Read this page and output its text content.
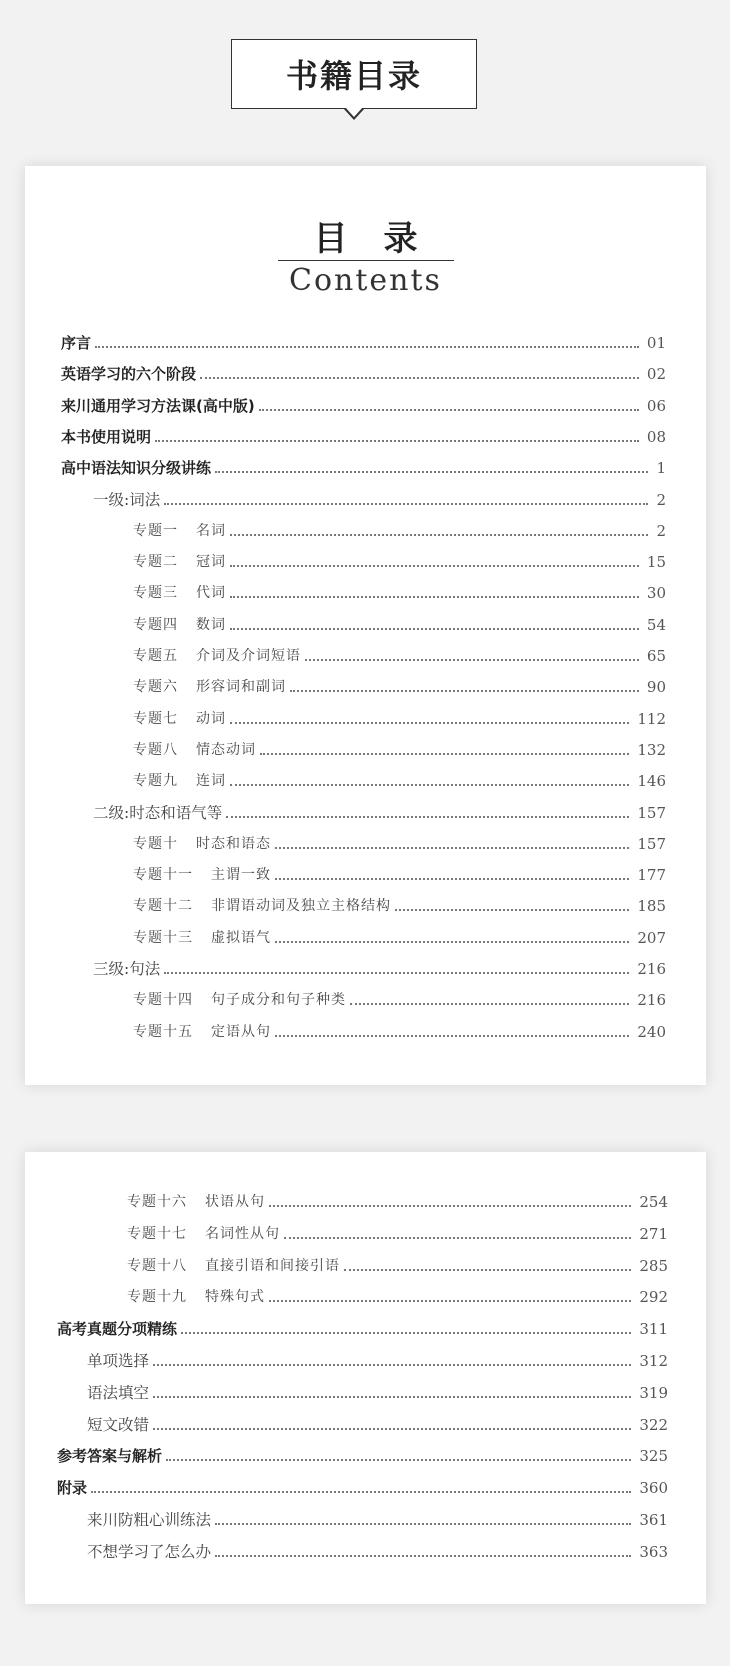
书籍目录
目录
Contents
序言	01
英语学习的六个阶段	02
来川通用学习方法课(高中版)	06
本书使用说明	08
高中语法知识分级讲练	1
一级:词法	2
专题一 名词	2
专题二 冠词	15
专题三 代词	30
专题四 数词	54
专题五 介词及介词短语	65
专题六 形容词和副词	90
专题七 动词	112
专题八 情态动词	132
专题九 连词	146
二级:时态和语气等	157
专题十 时态和语态	157
专题十一 主谓一致	177
专题十二 非谓语动词及独立主格结构	185
专题十三 虚拟语气	207
三级:句法	216
专题十四 句子成分和句子种类	216
专题十五 定语从句	240
专题十六 状语从句	254
专题十七 名词性从句	271
专题十八 直接引语和间接引语	285
专题十九 特殊句式	292
高考真题分项精练	311
单项选择	312
语法填空	319
短文改错	322
参考答案与解析	325
附录	360
来川防粗心训练法	361
不想学习了怎么办	363
